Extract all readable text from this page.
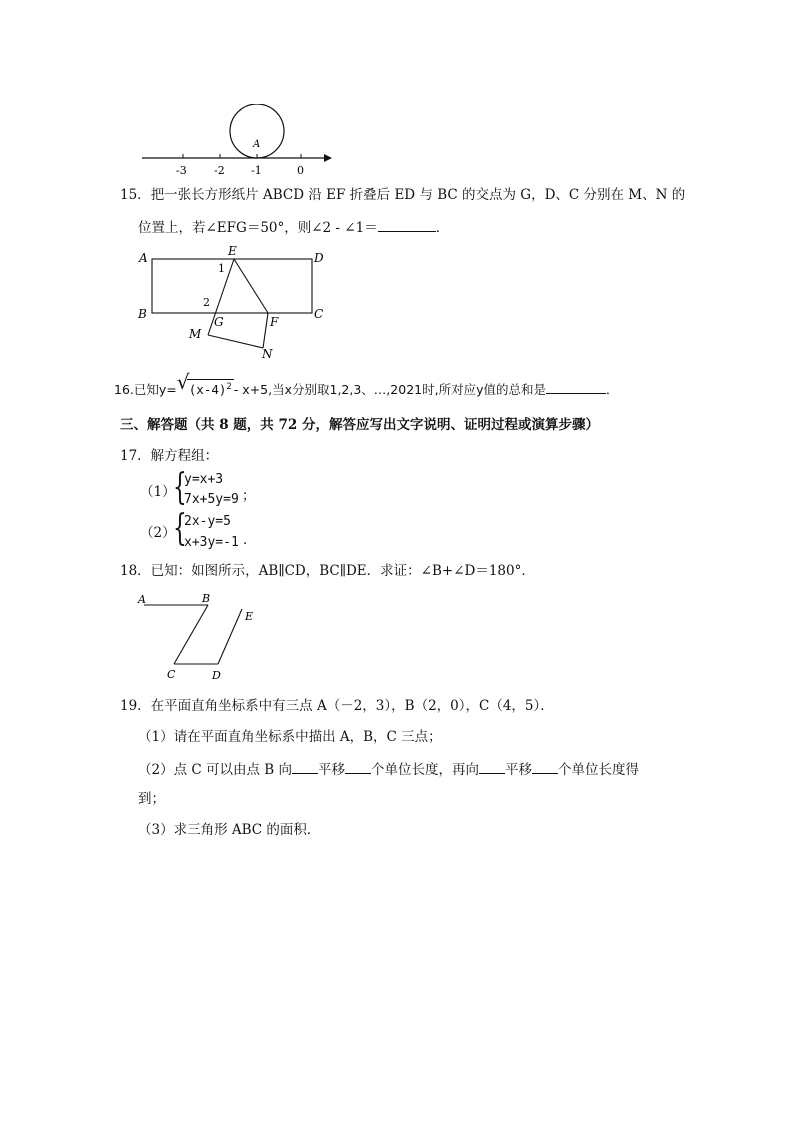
A
-3 -2 -1	0
15．把一张长方形纸片 ABCD 沿 EF 折叠后 ED 与 BC 的交点为 G，D、C 分别在 M、N 的
位置上，若∠EFG＝50°，则∠2 - ∠1＝	．
A
B	C
D
E
F
G
M
N
1
2
16.已知y= √ $(x-4)^2 - x+5$,当x分别取1,2,3、…,2021时,所对应y值的总和是	．
三、解答题（共 8 题，共 72 分，解答应写出文字说明、证明过程或演算步骤）
17．解方程组：
（1）
{
y=x+3
7x+5y=9 ；
（2）
{
2x-y=5
x+3y=-1 ．
18．已知：如图所示，AB∥CD，BC∥DE．求证：∠B+∠D＝180°．
A	B
C	D
E
19．在平面直角坐标系中有三点 A（－2，3），B（2，0），C（4，5）．
（1）请在平面直角坐标系中描出 A，B，C 三点；
（2）点 C 可以由点 B 向 平移 个单位长度，再向 平移 个单位长度得
到；
（3）求三角形 ABC 的面积．
